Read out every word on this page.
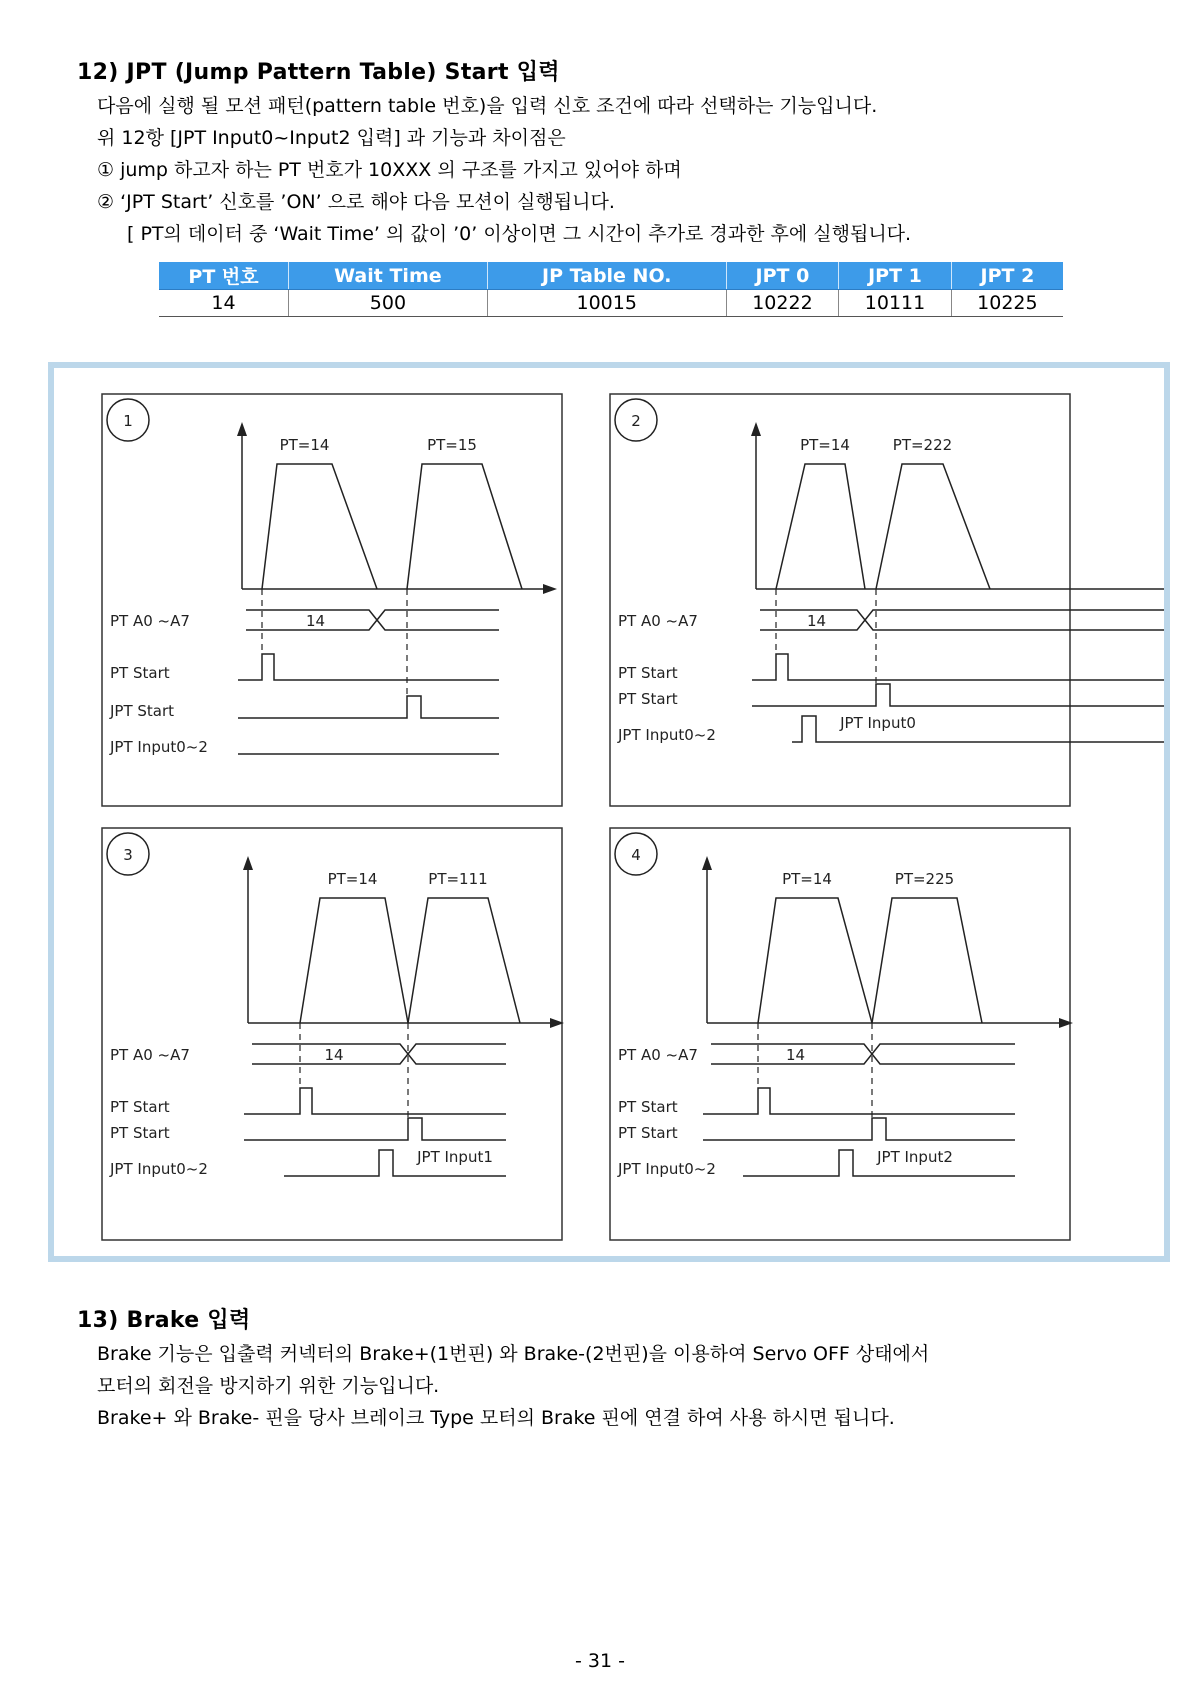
12) JPT (Jump Pattern Table) Start 입력
다음에 실행 될 모션 패턴(pattern table 번호)을 입력 신호 조건에 따라 선택하는 기능입니다.
위 12항 [JPT Input0~Input2 입력] 과 기능과 차이점은
① jump 하고자 하는 PT 번호가 10XXX 의 구조를 가지고 있어야 하며
② ‘JPT Start’ 신호를 ’ON’ 으로 해야 다음 모션이 실행됩니다.
[ PT의 데이터 중 ‘Wait Time’ 의 값이 ’0’ 이상이면 그 시간이 추가로 경과한 후에 실행됩니다.
PT 번호	Wait Time	JP Table NO.	JPT 0	JPT 1	JPT 2
14	500	10015	10222	10111	10225
1
PT=14	PT=15
PT A0 ~A7
PT Start
JPT Start
JPT Input0~2
14
2
PT=14	PT=222
PT A0 ~A7
PT Start
PT Start
JPT Input0~2
14
JPT Input0
3
PT=14	PT=111
PT A0 ~A7
PT Start
PT Start
JPT Input0~2
14
JPT Input1
4
PT=14	PT=225
PT A0 ~A7
PT Start
PT Start
JPT Input0~2
14
JPT Input2
13) Brake 입력
Brake 기능은 입출력 커넥터의 Brake+(1번핀) 와 Brake-(2번핀)을 이용하여 Servo OFF 상태에서
모터의 회전을 방지하기 위한 기능입니다.
Brake+ 와 Brake- 핀을 당사 브레이크 Type 모터의 Brake 핀에 연결 하여 사용 하시면 됩니다.
- 31 -
